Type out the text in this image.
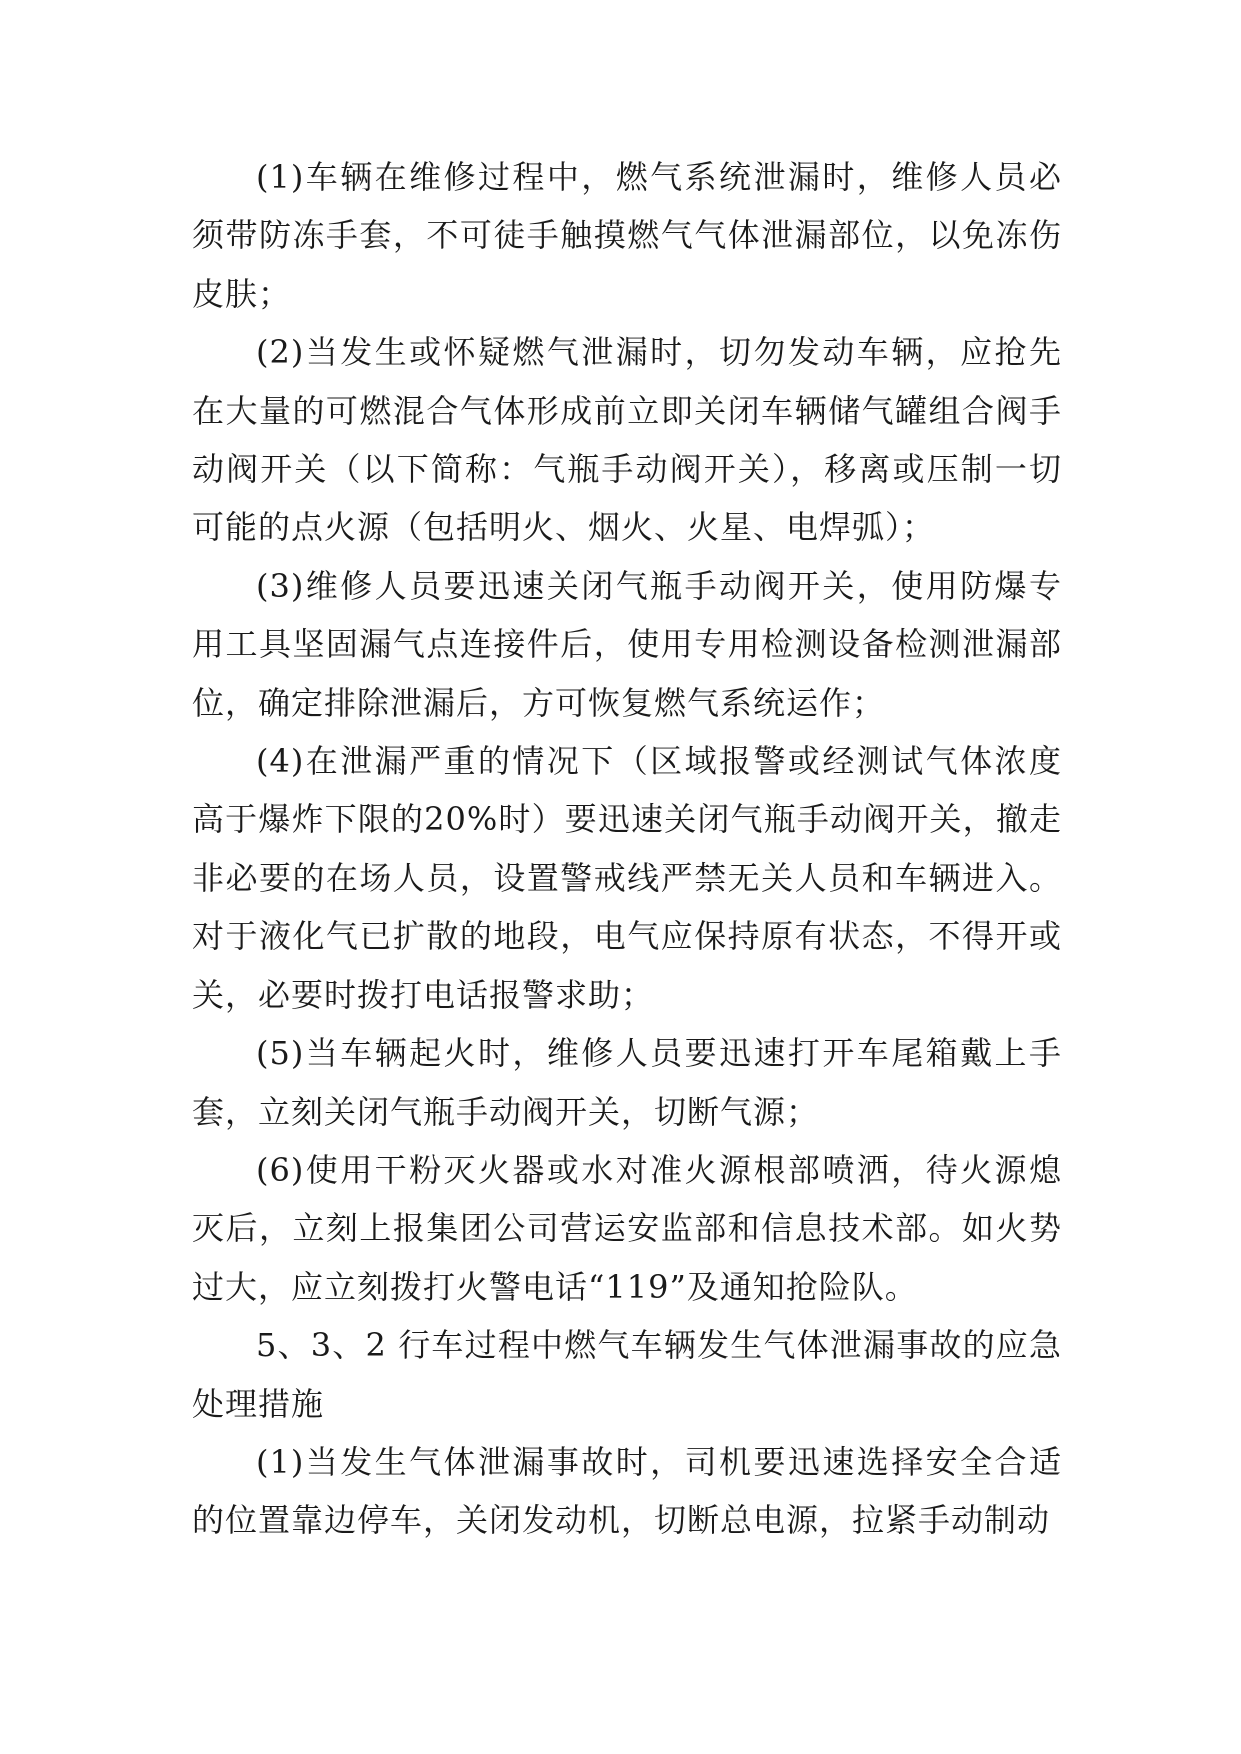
(1)车辆在维修过程中，燃气系统泄漏时，维修人员必须带防冻手套，不可徒手触摸燃气气体泄漏部位，以免冻伤皮肤；

(2)当发生或怀疑燃气泄漏时，切勿发动车辆，应抢先在大量的可燃混合气体形成前立即关闭车辆储气罐组合阀手动阀开关（以下简称：气瓶手动阀开关），移离或压制一切可能的点火源（包括明火、烟火、火星、电焊弧）；

(3)维修人员要迅速关闭气瓶手动阀开关，使用防爆专用工具坚固漏气点连接件后，使用专用检测设备检测泄漏部位，确定排除泄漏后，方可恢复燃气系统运作；

(4)在泄漏严重的情况下（区域报警或经测试气体浓度高于爆炸下限的20%时）要迅速关闭气瓶手动阀开关，撤走非必要的在场人员，设置警戒线严禁无关人员和车辆进入。对于液化气已扩散的地段，电气应保持原有状态，不得开或关，必要时拨打电话报警求助；

(5)当车辆起火时，维修人员要迅速打开车尾箱戴上手套，立刻关闭气瓶手动阀开关，切断气源；

(6)使用干粉灭火器或水对准火源根部喷洒，待火源熄灭后，立刻上报集团公司营运安监部和信息技术部。如火势过大，应立刻拨打火警电话“119”及通知抢险队。

5、3、2 行车过程中燃气车辆发生气体泄漏事故的应急处理措施

(1)当发生气体泄漏事故时，司机要迅速选择安全合适的位置靠边停车，关闭发动机，切断总电源，拉紧手动制动
